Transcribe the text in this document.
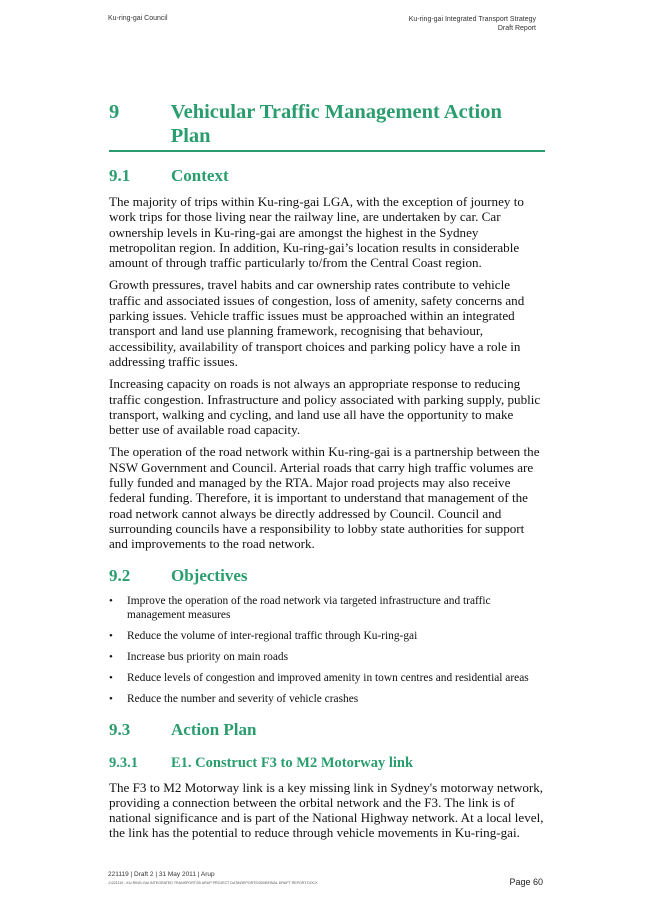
Ku-ring-gai Council	Ku-ring-gai Integrated Transport Strategy
Draft Report
9	Vehicular Traffic Management Action Plan
9.1	Context

The majority of trips within Ku-ring-gai LGA, with the exception of journey to work trips for those living near the railway line, are undertaken by car. Car ownership levels in Ku-ring-gai are amongst the highest in the Sydney metropolitan region. In addition, Ku-ring-gai’s location results in considerable amount of through traffic particularly to/from the Central Coast region.

Growth pressures, travel habits and car ownership rates contribute to vehicle traffic and associated issues of congestion, loss of amenity, safety concerns and parking issues. Vehicle traffic issues must be approached within an integrated transport and land use planning framework, recognising that behaviour, accessibility, availability of transport choices and parking policy have a role in addressing traffic issues.

Increasing capacity on roads is not always an appropriate response to reducing traffic congestion. Infrastructure and policy associated with parking supply, public transport, walking and cycling, and land use all have the opportunity to make better use of available road capacity.

The operation of the road network within Ku-ring-gai is a partnership between the NSW Government and Council. Arterial roads that carry high traffic volumes are fully funded and managed by the RTA. Major road projects may also receive federal funding. Therefore, it is important to understand that management of the road network cannot always be directly addressed by Council. Council and surrounding councils have a responsibility to lobby state authorities for support and improvements to the road network.

9.2	Objectives
• Improve the operation of the road network via targeted infrastructure and traffic management measures
• Reduce the volume of inter-regional traffic through Ku-ring-gai
• Increase bus priority on main roads
• Reduce levels of congestion and improved amenity in town centres and residential areas
• Reduce the number and severity of vehicle crashes
9.3	Action Plan
9.3.1	E1. Construct F3 to M2 Motorway link

The F3 to M2 Motorway link is a key missing link in Sydney's motorway network, providing a connection between the orbital network and the F3. The link is of national significance and is part of the National Highway network. At a local level, the link has the potential to reduce through vehicle movements in Ku-ring-gai.

221119 | Draft 2 | 31 May 2011 | Arup
J:\221119 - KU-RING-GAI INTEGRATED TRANSPORT\05 ARUP PROJECT DATA\REPORTS\0008\FINAL DRAFT REPORT.DOCX	Page 60
